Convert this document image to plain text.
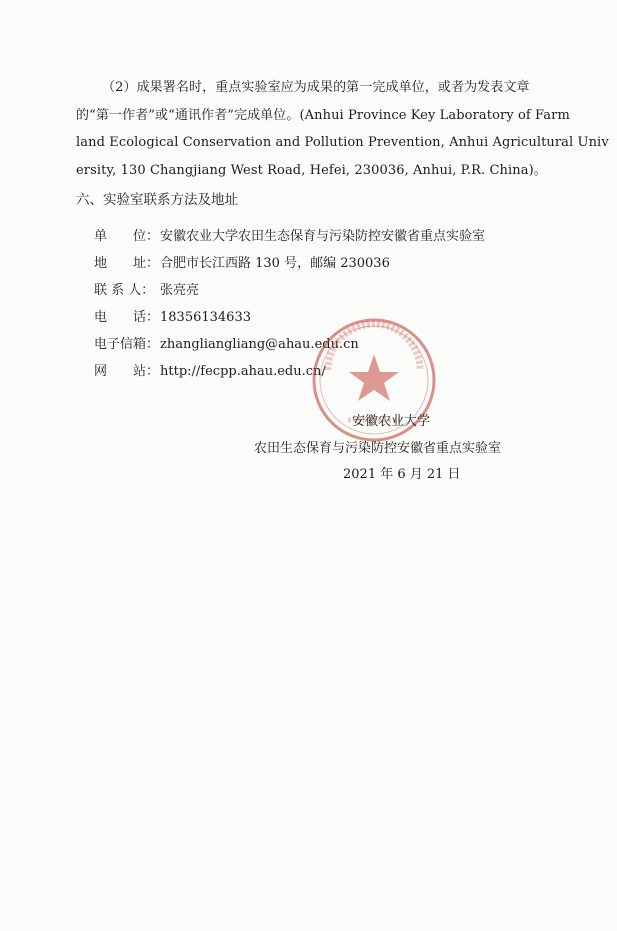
（2）成果署名时，重点实验室应为成果的第一完成单位，或者为发表文章
的“第一作者”或“通讯作者”完成单位。(Anhui Province Key Laboratory of Farm
land Ecological Conservation and Pollution Prevention, Anhui Agricultural Univ
ersity, 130 Changjiang West Road, Hefei, 230036, Anhui, P.R. China)。
六、实验室联系方法及地址
单　　位：安徽农业大学农田生态保育与污染防控安徽省重点实验室
地　　址：合肥市长江西路 130 号，邮编 230036
联 系 人： 张亮亮
电　　话：18356134633
电子信箱：zhangliangliang@ahau.edu.cn
网　　站：http://fecpp.ahau.edu.cn/
安徽农业大学
农田生态保育与污染防控安徽省重点实验室
2021 年 6 月 21 日
